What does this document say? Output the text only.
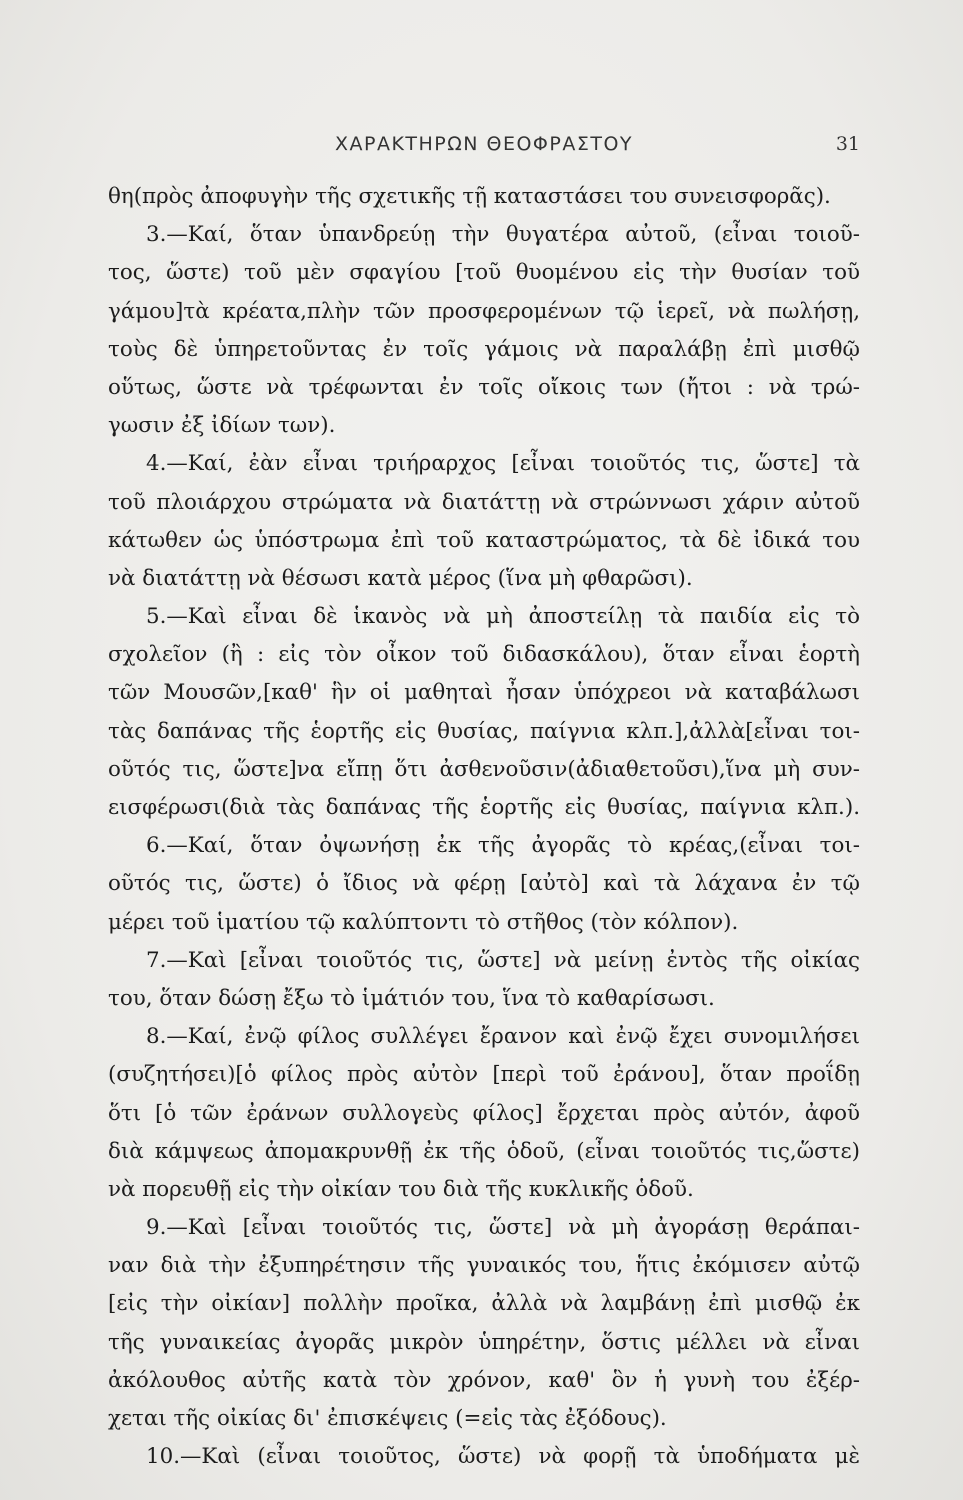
ΧΑΡΑΚΤΗΡΩΝ ΘΕΟΦΡΑΣΤΟΥ	31
θη(πρὸς ἀποφυγὴν τῆς σχετικῆς τῇ καταστάσει του συνεισφορᾶς).
3.—Καί, ὅταν ὑπανδρεύῃ τὴν θυγατέρα αὐτοῦ, (εἶναι τοιοῦ-
τος, ὥστε) τοῦ μὲν σφαγίου [τοῦ θυομένου εἰς τὴν θυσίαν τοῦ
γάμου]τὰ κρέατα,πλὴν τῶν προσφερομένων τῷ ἱερεῖ, νὰ πωλήσῃ,
τοὺς δὲ ὑπηρετοῦντας ἐν τοῖς γάμοις νὰ παραλάβῃ ἐπὶ μισθῷ
οὕτως, ὥστε νὰ τρέφωνται ἐν τοῖς οἴκοις των (ἤτοι : νὰ τρώ-
γωσιν ἐξ ἰδίων των).
4.—Καί, ἐὰν εἶναι τριήραρχος [εἶναι τοιοῦτός τις, ὥστε] τὰ
τοῦ πλοιάρχου στρώματα νὰ διατάττῃ νὰ στρώννωσι χάριν αὐτοῦ
κάτωθεν ὡς ὑπόστρωμα ἐπὶ τοῦ καταστρώματος, τὰ δὲ ἰδικά του
νὰ διατάττῃ νὰ θέσωσι κατὰ μέρος (ἵνα μὴ φθαρῶσι).
5.—Καὶ εἶναι δὲ ἱκανὸς νὰ μὴ ἀποστείλῃ τὰ παιδία εἰς τὸ
σχολεῖον (ἢ : εἰς τὸν οἶκον τοῦ διδασκάλου), ὅταν εἶναι ἑορτὴ
τῶν Μουσῶν,[καθ' ἣν οἱ μαθηταὶ ἦσαν ὑπόχρεοι νὰ καταβάλωσι
τὰς δαπάνας τῆς ἑορτῆς εἰς θυσίας, παίγνια κλπ.],ἀλλὰ[εἶναι τοι-
οῦτός τις, ὥστε]να εἴπῃ ὅτι ἀσθενοῦσιν(ἀδιαθετοῦσι),ἵνα μὴ συν-
εισφέρωσι(διὰ τὰς δαπάνας τῆς ἑορτῆς εἰς θυσίας, παίγνια κλπ.).
6.—Καί, ὅταν ὀψωνήσῃ ἐκ τῆς ἀγορᾶς τὸ κρέας,(εἶναι τοι-
οῦτός τις, ὥστε) ὁ ἴδιος νὰ φέρῃ [αὐτὸ] καὶ τὰ λάχανα ἐν τῷ
μέρει τοῦ ἱματίου τῷ καλύπτοντι τὸ στῆθος (τὸν κόλπον).
7.—Καὶ [εἶναι τοιοῦτός τις, ὥστε] νὰ μείνῃ ἐντὸς τῆς οἰκίας
του, ὅταν δώσῃ ἔξω τὸ ἱμάτιόν του, ἵνα τὸ καθαρίσωσι.
8.—Καί, ἐνῷ φίλος συλλέγει ἔρανον καὶ ἐνῷ ἔχει συνομιλήσει
(συζητήσει)[ὁ φίλος πρὸς αὐτὸν [περὶ τοῦ ἐράνου], ὅταν προΐδῃ
ὅτι [ὁ τῶν ἐράνων συλλογεὺς φίλος] ἔρχεται πρὸς αὐτόν, ἀφοῦ
διὰ κάμψεως ἀπομακρυνθῇ ἐκ τῆς ὁδοῦ, (εἶναι τοιοῦτός τις,ὥστε)
νὰ πορευθῇ εἰς τὴν οἰκίαν του διὰ τῆς κυκλικῆς ὁδοῦ.
9.—Καὶ [εἶναι τοιοῦτός τις, ὥστε] νὰ μὴ ἀγοράσῃ θεράπαι-
ναν διὰ τὴν ἐξυπηρέτησιν τῆς γυναικός του, ἥτις ἐκόμισεν αὐτῷ
[εἰς τὴν οἰκίαν] πολλὴν προῖκα, ἀλλὰ νὰ λαμβάνῃ ἐπὶ μισθῷ ἐκ
τῆς γυναικείας ἀγορᾶς μικρὸν ὑπηρέτην, ὅστις μέλλει νὰ εἶναι
ἀκόλουθος αὐτῆς κατὰ τὸν χρόνον, καθ' ὃν ἡ γυνὴ του ἐξέρ-
χεται τῆς οἰκίας δι' ἐπισκέψεις (=εἰς τὰς ἐξόδους).
10.—Καὶ (εἶναι τοιοῦτος, ὥστε) νὰ φορῇ τὰ ὑποδήματα μὲ
